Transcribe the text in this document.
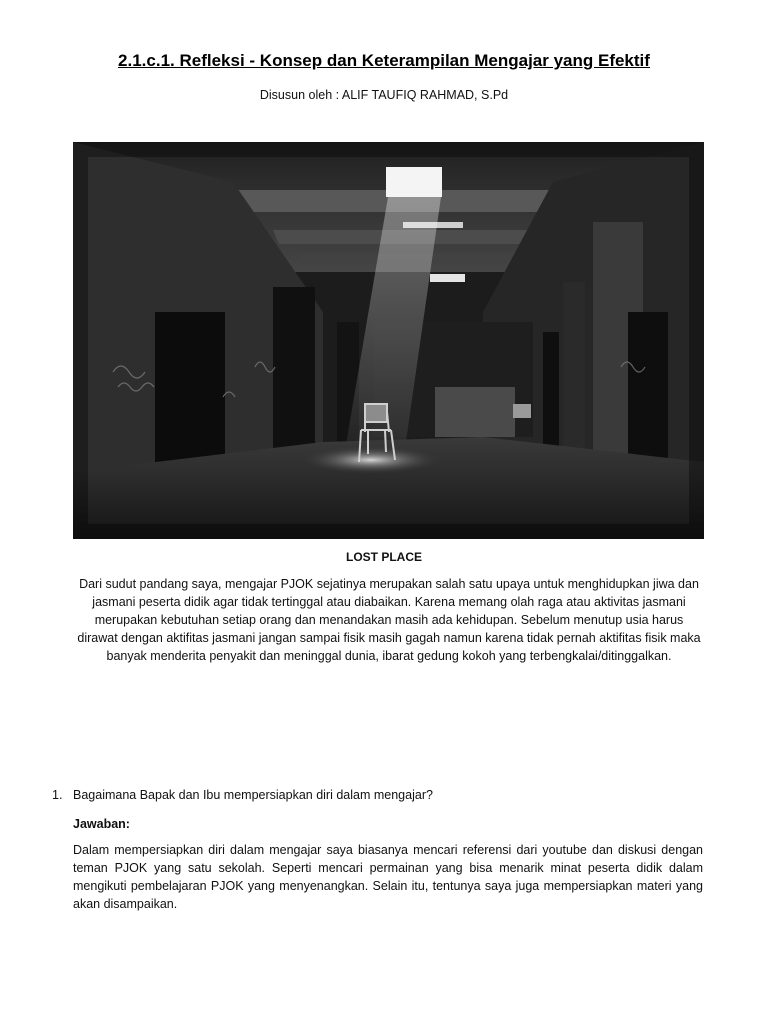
2.1.c.1. Refleksi - Konsep dan Keterampilan Mengajar yang Efektif
Disusun oleh : ALIF TAUFIQ RAHMAD, S.Pd
LOST PLACE
Dari sudut pandang saya, mengajar PJOK sejatinya merupakan salah satu upaya untuk menghidupkan jiwa dan jasmani peserta didik agar tidak tertinggal atau diabaikan. Karena memang olah raga atau aktivitas jasmani merupakan kebutuhan setiap orang dan menandakan masih ada kehidupan. Sebelum menutup usia harus dirawat dengan aktifitas jasmani jangan sampai fisik masih gagah namun karena tidak pernah aktifitas fisik maka banyak menderita penyakit dan meninggal dunia, ibarat gedung kokoh yang terbengkalai/ditinggalkan.
1. Bagaimana Bapak dan Ibu mempersiapkan diri dalam mengajar?
Jawaban:
Dalam mempersiapkan diri dalam mengajar saya biasanya mencari referensi dari youtube dan diskusi dengan teman PJOK yang satu sekolah. Seperti mencari permainan yang bisa menarik minat peserta didik dalam mengikuti pembelajaran PJOK yang menyenangkan. Selain itu, tentunya saya juga mempersiapkan materi yang akan disampaikan.
